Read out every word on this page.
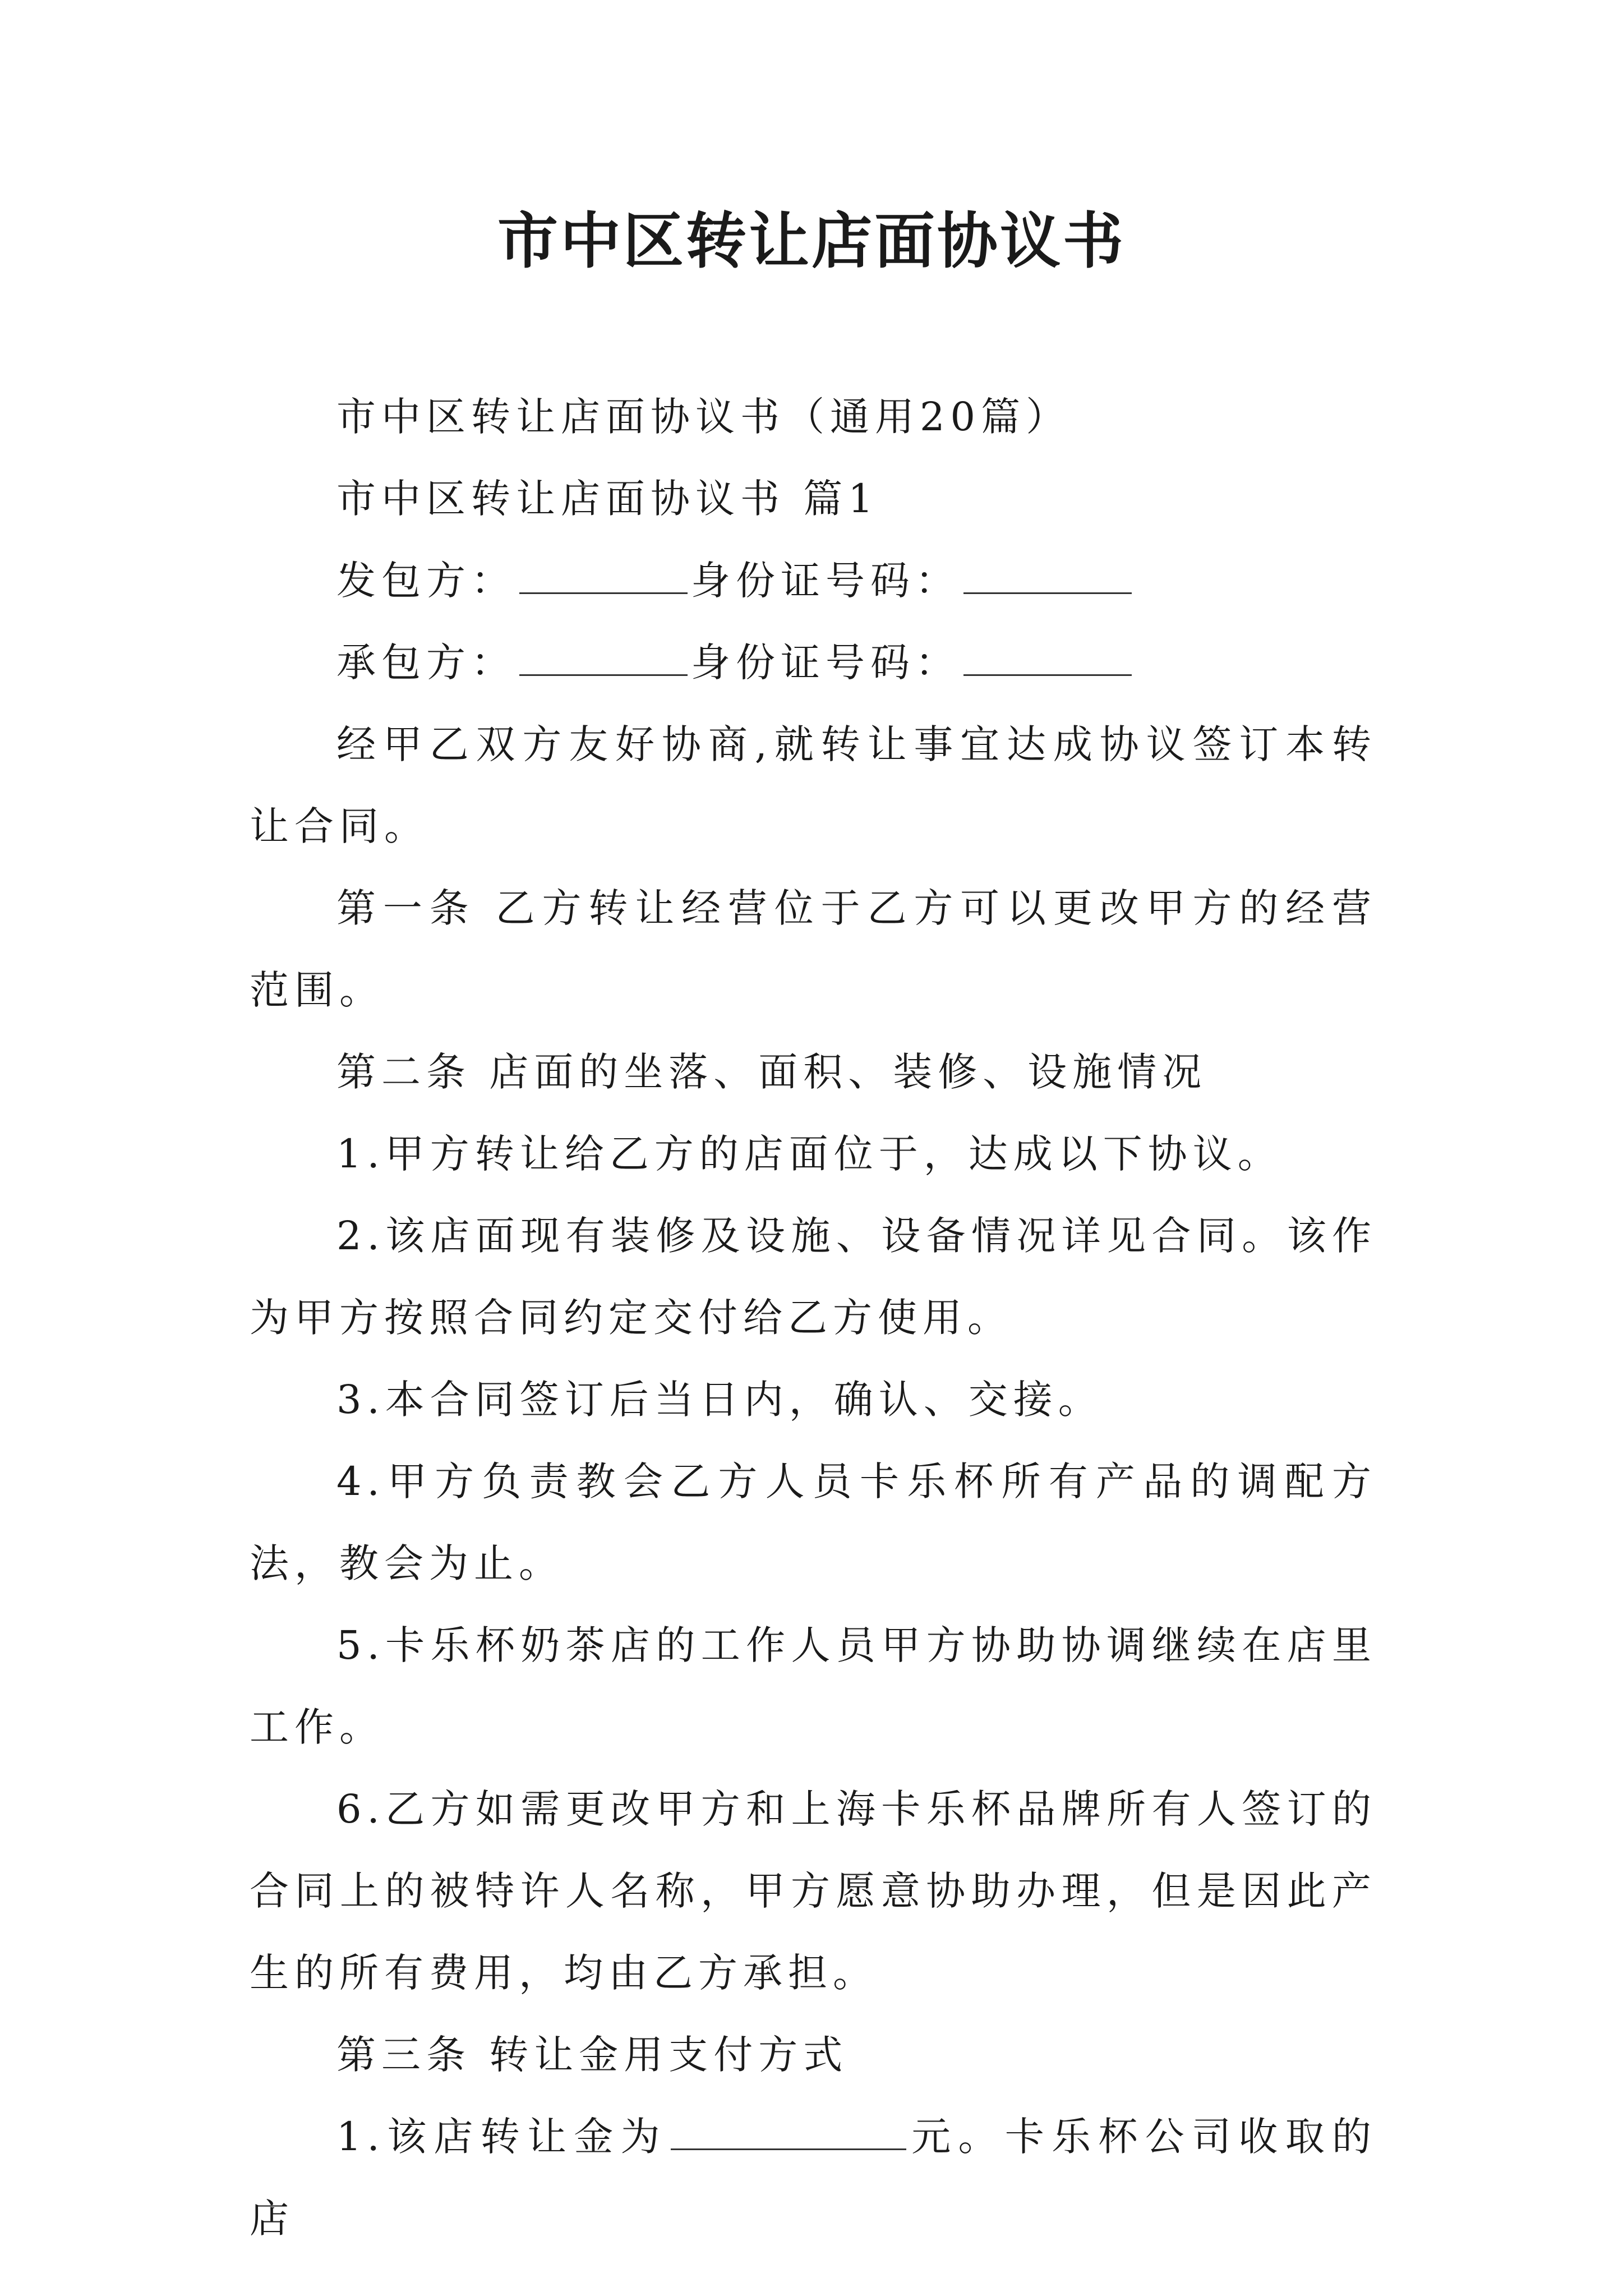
市中区转让店面协议书

市中区转让店面协议书（通用20篇）

市中区转让店面协议书 篇1

发包方：	身份证号码：

承包方：	身份证号码：

经甲乙双方友好协商,就转让事宜达成协议签订本转让合同。

第一条 乙方转让经营位于乙方可以更改甲方的经营范围。

第二条 店面的坐落、面积、装修、设施情况

1.甲方转让给乙方的店面位于，达成以下协议。

2.该店面现有装修及设施、设备情况详见合同。该作为甲方按照合同约定交付给乙方使用。

3.本合同签订后当日内，确认、交接。

4.甲方负责教会乙方人员卡乐杯所有产品的调配方法，教会为止。

5.卡乐杯奶茶店的工作人员甲方协助协调继续在店里工作。

6.乙方如需更改甲方和上海卡乐杯品牌所有人签订的合同上的被特许人名称，甲方愿意协助办理，但是因此产生的所有费用，均由乙方承担。

第三条 转让金用支付方式

1.该店转让金为	元。卡乐杯公司收取的店
